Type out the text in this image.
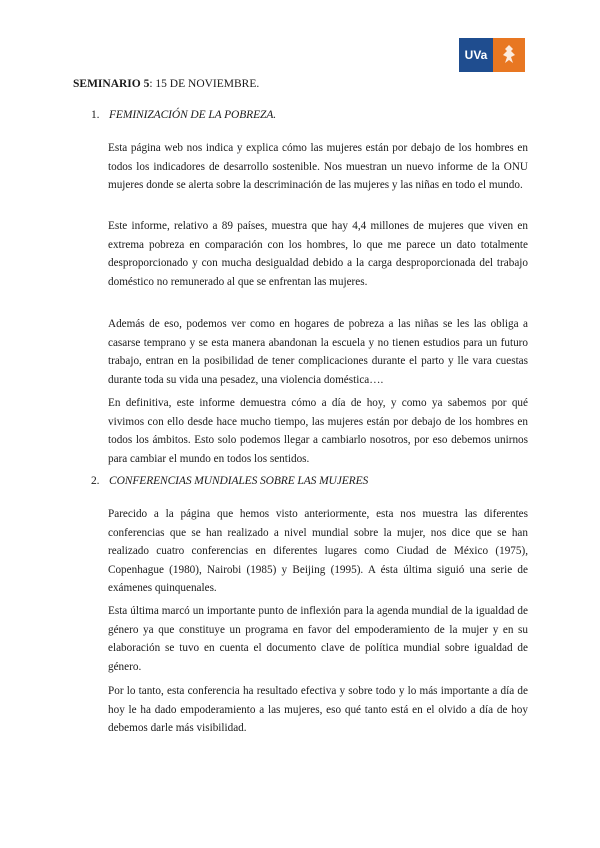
UVa
SEMINARIO 5: 15 DE NOVIEMBRE.
1. FEMINIZACIÓN DE LA POBREZA.

Esta página web nos indica y explica cómo las mujeres están por debajo de los hombres en todos los indicadores de desarrollo sostenible. Nos muestran un nuevo informe de la ONU mujeres donde se alerta sobre la descriminación de las mujeres y las niñas en todo el mundo.

Este informe, relativo a 89 países, muestra que hay 4,4 millones de mujeres que viven en extrema pobreza en comparación con los hombres, lo que me parece un dato totalmente desproporcionado y con mucha desigualdad debido a la carga desproporcionada del trabajo doméstico no remunerado al que se enfrentan las mujeres.

Además de eso, podemos ver como en hogares de pobreza a las niñas se les las obliga a casarse temprano y se esta manera abandonan la escuela y no tienen estudios para un futuro trabajo, entran en la posibilidad de tener complicaciones durante el parto y lle vara cuestas durante toda su vida una pesadez, una violencia doméstica….

En definitiva, este informe demuestra cómo a día de hoy, y como ya sabemos por qué vivimos con ello desde hace mucho tiempo, las mujeres están por debajo de los hombres en todos los ámbitos. Esto solo podemos llegar a cambiarlo nosotros, por eso debemos unirnos para cambiar el mundo en todos los sentidos.

2. CONFERENCIAS MUNDIALES SOBRE LAS MUJERES

Parecido a la página que hemos visto anteriormente, esta nos muestra las diferentes conferencias que se han realizado a nivel mundial sobre la mujer, nos dice que se han realizado cuatro conferencias en diferentes lugares como Ciudad de México (1975), Copenhague (1980), Nairobi (1985) y Beijing (1995). A ésta última siguió una serie de exámenes quinquenales.

Esta última marcó un importante punto de inflexión para la agenda mundial de la igualdad de género ya que constituye un programa en favor del empoderamiento de la mujer y en su elaboración se tuvo en cuenta el documento clave de política mundial sobre igualdad de género.

Por lo tanto, esta conferencia ha resultado efectiva y sobre todo y lo más importante a día de hoy le ha dado empoderamiento a las mujeres, eso qué tanto está en el olvido a día de hoy debemos darle más visibilidad.
